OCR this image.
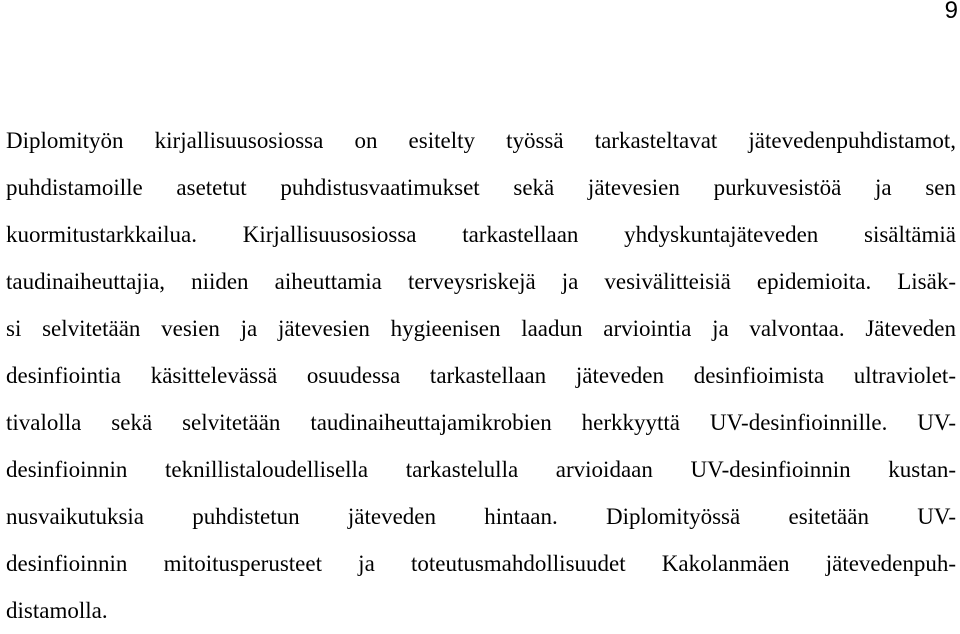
9
Diplomityön kirjallisuusosiossa on esitelty työssä tarkasteltavat jätevedenpuhdistamot,
puhdistamoille asetetut puhdistusvaatimukset sekä jätevesien purkuvesistöä ja sen
kuormitustarkkailua. Kirjallisuusosiossa tarkastellaan yhdyskuntajäteveden sisältämiä
taudinaiheuttajia, niiden aiheuttamia terveysriskejä ja vesivälitteisiä epidemioita. Lisäk-
si selvitetään vesien ja jätevesien hygieenisen laadun arviointia ja valvontaa. Jäteveden
desinfiointia käsittelevässä osuudessa tarkastellaan jäteveden desinfioimista ultraviolet-
tivalolla sekä selvitetään taudinaiheuttajamikrobien herkkyyttä UV-desinfioinnille. UV-
desinfioinnin teknillistaloudellisella tarkastelulla arvioidaan UV-desinfioinnin kustan-
nusvaikutuksia puhdistetun jäteveden hintaan. Diplomityössä esitetään UV-
desinfioinnin mitoitusperusteet ja toteutusmahdollisuudet Kakolanmäen jätevedenpuh-
distamolla.
